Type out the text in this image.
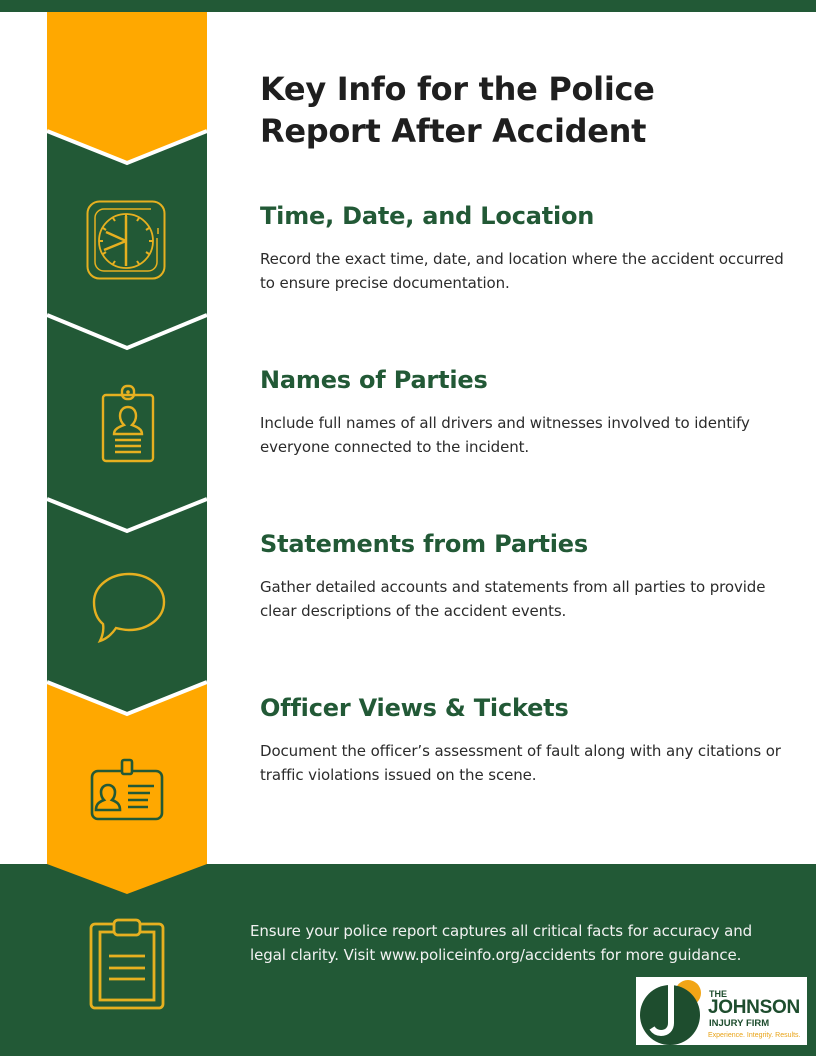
Key Info for the Police
Report After Accident
Time, Date, and Location

Record the exact time, date, and location where the accident occurred to ensure precise documentation.

Names of Parties

Include full names of all drivers and witnesses involved to identify everyone connected to the incident.

Statements from Parties

Gather detailed accounts and statements from all parties to provide clear descriptions of the accident events.

Officer Views & Tickets

Document the officer’s assessment of fault along with any citations or traffic violations issued on the scene.

Ensure your police report captures all critical facts for accuracy and legal clarity. Visit www.policeinfo.org/accidents for more guidance.
THE
JOHNSON
INJURY FIRM
Experience. Integrity. Results.
